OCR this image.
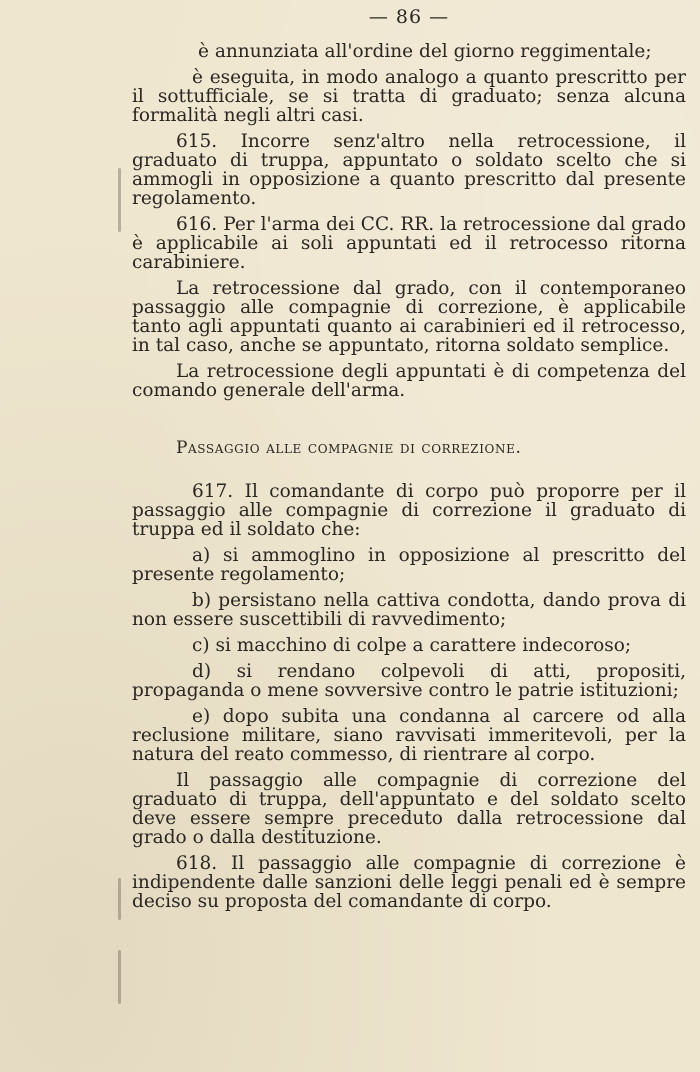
— 86 —

è annunziata all'ordine del giorno reggimentale;

è eseguita, in modo analogo a quanto prescritto per il sottufficiale, se si tratta di graduato; senza alcuna formalità negli altri casi.

615. Incorre senz'altro nella retrocessione, il graduato di truppa, appuntato o soldato scelto che si ammogli in opposizione a quanto prescritto dal presente regolamento.

616. Per l'arma dei CC. RR. la retrocessione dal grado è applicabile ai soli appuntati ed il retrocesso ritorna carabiniere.

La retrocessione dal grado, con il contemporaneo passaggio alle compagnie di correzione, è applicabile tanto agli appuntati quanto ai carabinieri ed il retrocesso, in tal caso, anche se appuntato, ritorna soldato semplice.

La retrocessione degli appuntati è di competenza del comando generale dell'arma.

Passaggio alle compagnie di correzione.

617. Il comandante di corpo può proporre per il passaggio alle compagnie di correzione il graduato di truppa ed il soldato che:

a) si ammoglino in opposizione al prescritto del presente regolamento;

b) persistano nella cattiva condotta, dando prova di non essere suscettibili di ravvedimento;

c) si macchino di colpe a carattere indecoroso;

d) si rendano colpevoli di atti, propositi, propaganda o mene sovversive contro le patrie istituzioni;

e) dopo subita una condanna al carcere od alla reclusione militare, siano ravvisati immeritevoli, per la natura del reato commesso, di rientrare al corpo.

Il passaggio alle compagnie di correzione del graduato di truppa, dell'appuntato e del soldato scelto deve essere sempre preceduto dalla retrocessione dal grado o dalla destituzione.

618. Il passaggio alle compagnie di correzione è indipendente dalle sanzioni delle leggi penali ed è sempre deciso su proposta del comandante di corpo.
